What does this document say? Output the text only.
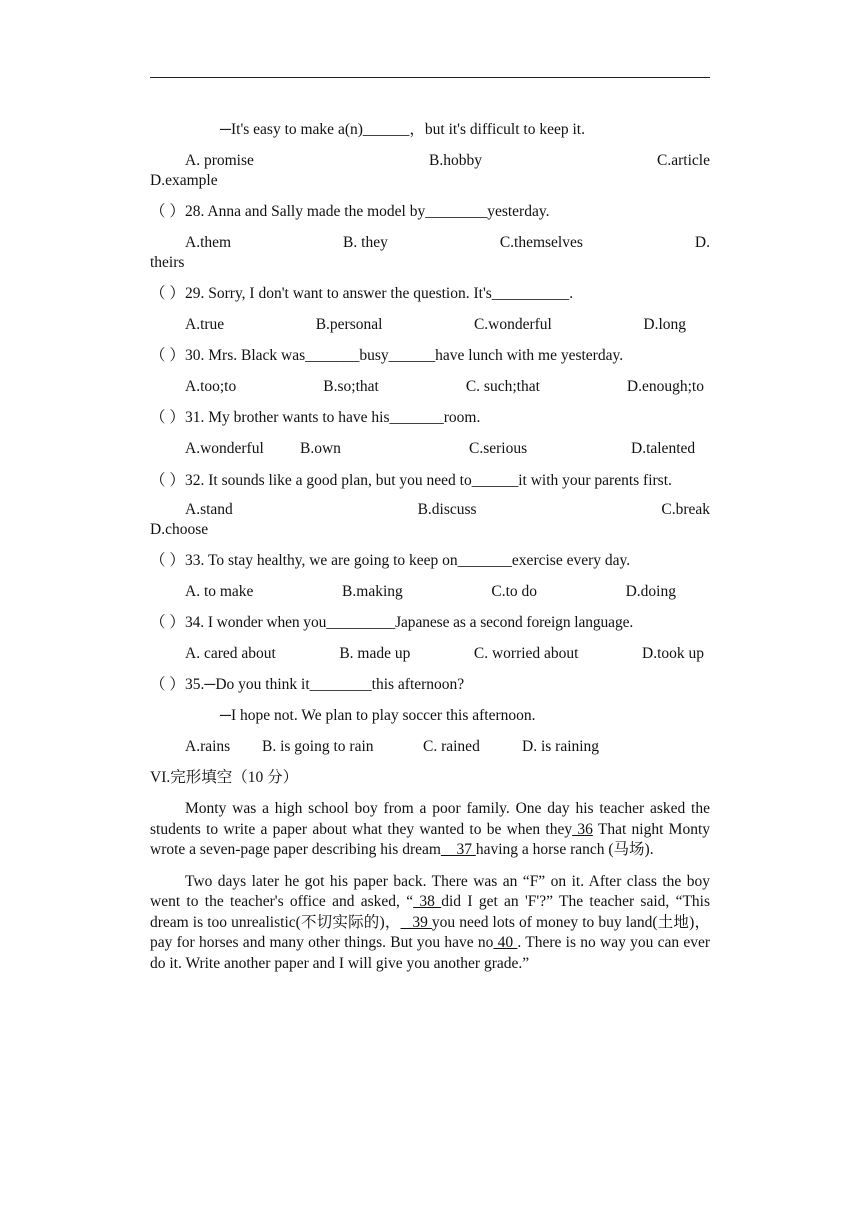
─It's easy to make a(n)______，but it's difficult to keep it.
A. promise	B.hobby	C.article
D.example
（ ）28. Anna and Sally made the model by________yesterday.
A.them	B. they	C.themselves	D.
theirs
（ ）29. Sorry, I don't want to answer the question. It's__________.
A.true	B.personal	C.wonderful	D.long
（ ）30. Mrs. Black was_______busy______have lunch with me yesterday.
A.too;to	B.so;that	C. such;that	D.enough;to
（ ）31. My brother wants to have his_______room.
A.wonderful	B.own	C.serious	D.talented
（ ） 32. It sounds like a good plan, but you need to______it with your parents first.
A.stand	B.discuss	C.break
D.choose
（ ）33. To stay healthy, we are going to keep on_______exercise every day.
A. to make	B.making	C.to do	D.doing
（ ）34. I wonder when you_________Japanese as a second foreign language.
A. cared about	B. made up	C. worried about	D.took up
（ ）35.─Do you think it________this afternoon?
─I hope not. We plan to play soccer this afternoon.
A.rains	B. is going to rain	C. rained	D. is raining
VI.完形填空（10 分）
Monty was a high school boy from a poor family. One day his teacher asked the students to write a paper about what they wanted to be when they 36 That night Monty wrote a seven-page paper describing his dream__37 having a horse ranch (马场).
Two days later he got his paper back. There was an “F” on it. After class the boy went to the teacher's office and asked, “ 38 did I get an 'F'?” The teacher said, “This dream is too unrealistic(不切实际的)， _39 you need lots of money to buy land(土地)， pay for horses and many other things. But you have no 40 . There is no way you can ever do it. Write another paper and I will give you another grade.”
